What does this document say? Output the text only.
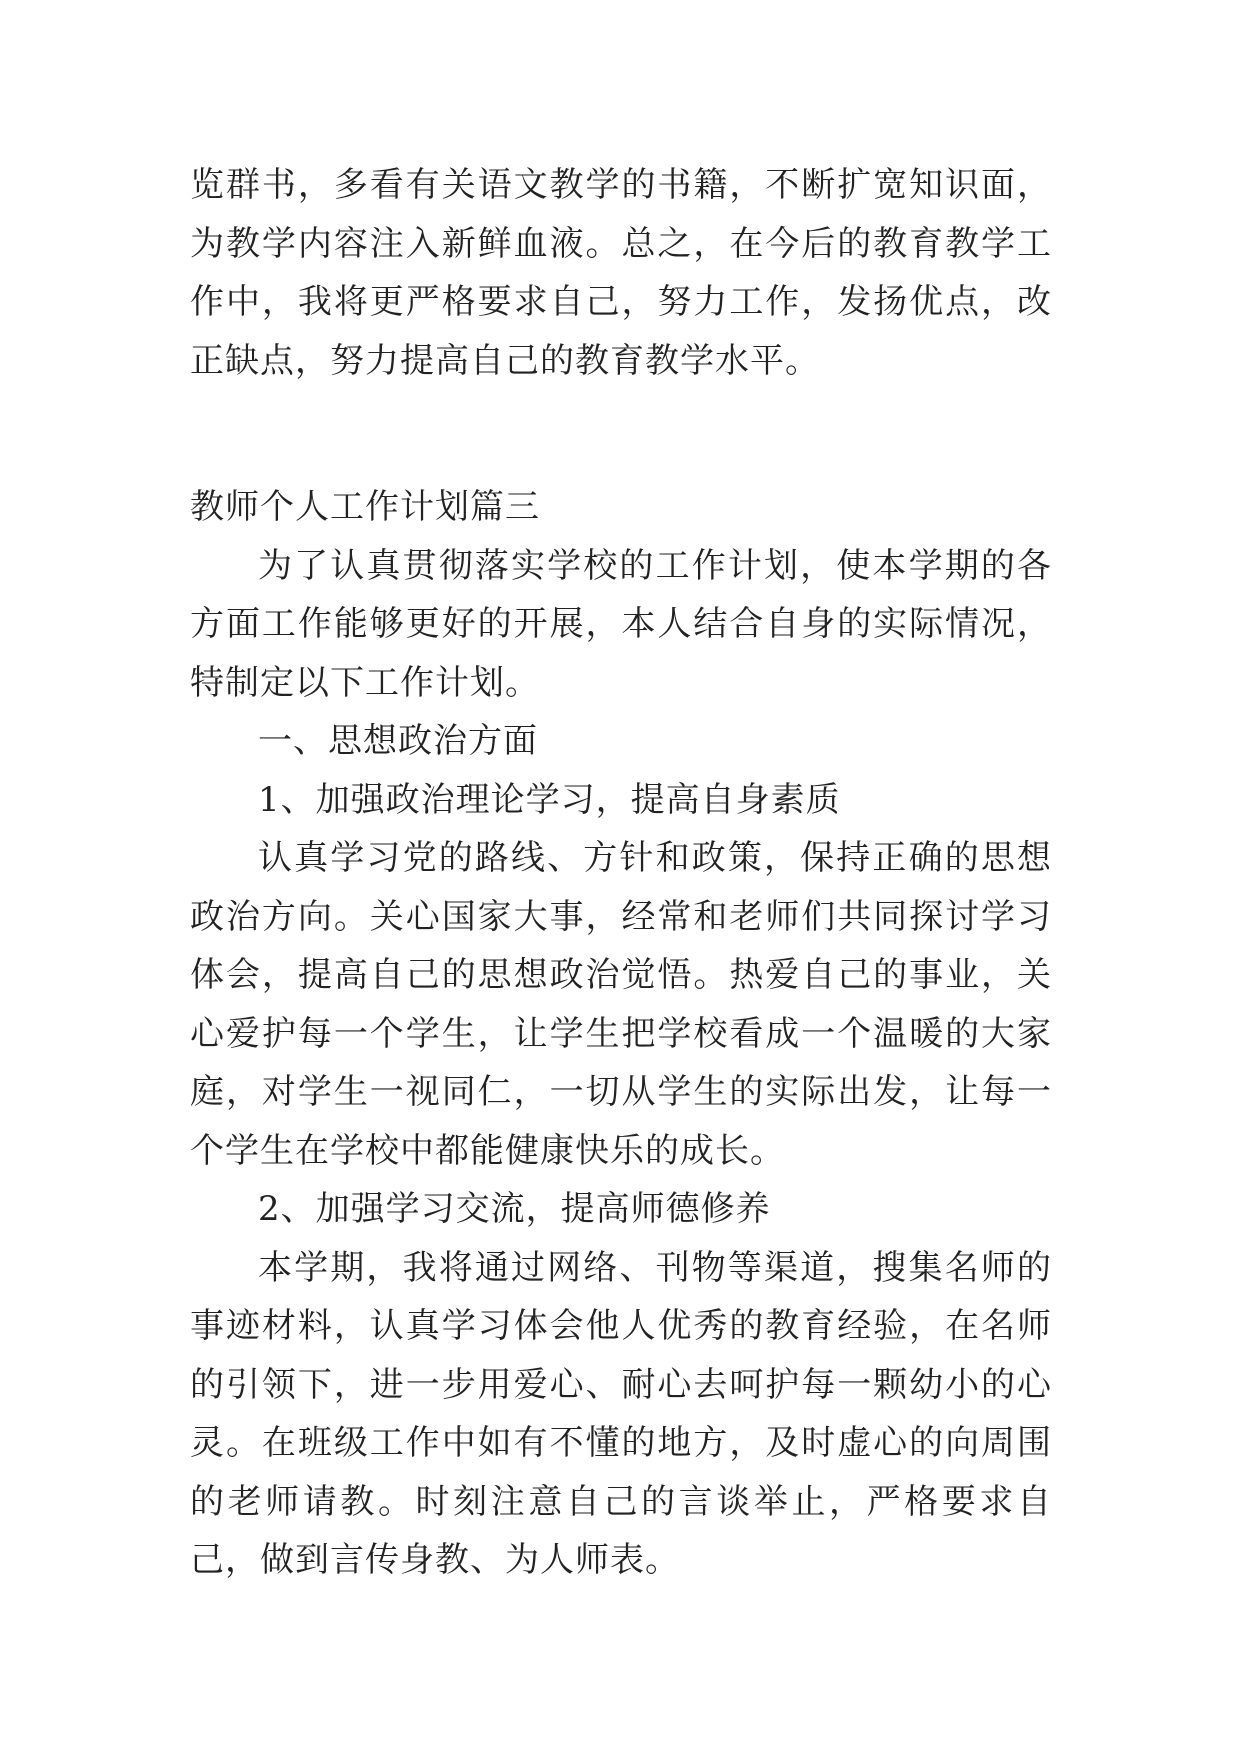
览群书，多看有关语文教学的书籍，不断扩宽知识面，为教学内容注入新鲜血液。总之，在今后的教育教学工作中，我将更严格要求自己，努力工作，发扬优点，改正缺点，努力提高自己的教育教学水平。

教师个人工作计划篇三

为了认真贯彻落实学校的工作计划，使本学期的各方面工作能够更好的开展，本人结合自身的实际情况，特制定以下工作计划。

一、思想政治方面

1、加强政治理论学习，提高自身素质

认真学习党的路线、方针和政策，保持正确的思想政治方向。关心国家大事，经常和老师们共同探讨学习体会，提高自己的思想政治觉悟。热爱自己的事业，关心爱护每一个学生，让学生把学校看成一个温暖的大家庭，对学生一视同仁，一切从学生的实际出发，让每一个学生在学校中都能健康快乐的成长。

2、加强学习交流，提高师德修养

本学期，我将通过网络、刊物等渠道，搜集名师的事迹材料，认真学习体会他人优秀的教育经验，在名师的引领下，进一步用爱心、耐心去呵护每一颗幼小的心灵。在班级工作中如有不懂的地方，及时虚心的向周围的老师请教。时刻注意自己的言谈举止，严格要求自己，做到言传身教、为人师表。
